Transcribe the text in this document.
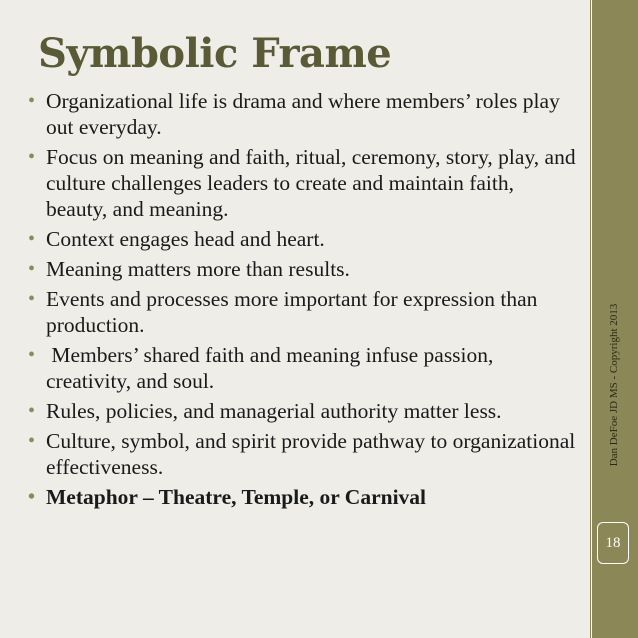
Symbolic Frame
• Organizational life is drama and where members’ roles play out everyday.
• Focus on meaning and faith, ritual, ceremony, story, play, and culture challenges leaders to create and maintain faith, beauty, and meaning.
• Context engages head and heart.
• Meaning matters more than results.
• Events and processes more important for expression than production.
•  Members’ shared faith and meaning infuse passion, creativity, and soul.
• Rules, policies, and managerial authority matter less.
• Culture, symbol, and spirit provide pathway to organizational effectiveness.
• Metaphor – Theatre, Temple, or Carnival
Dan DeFoe JD MS - Copyright 2013
18
